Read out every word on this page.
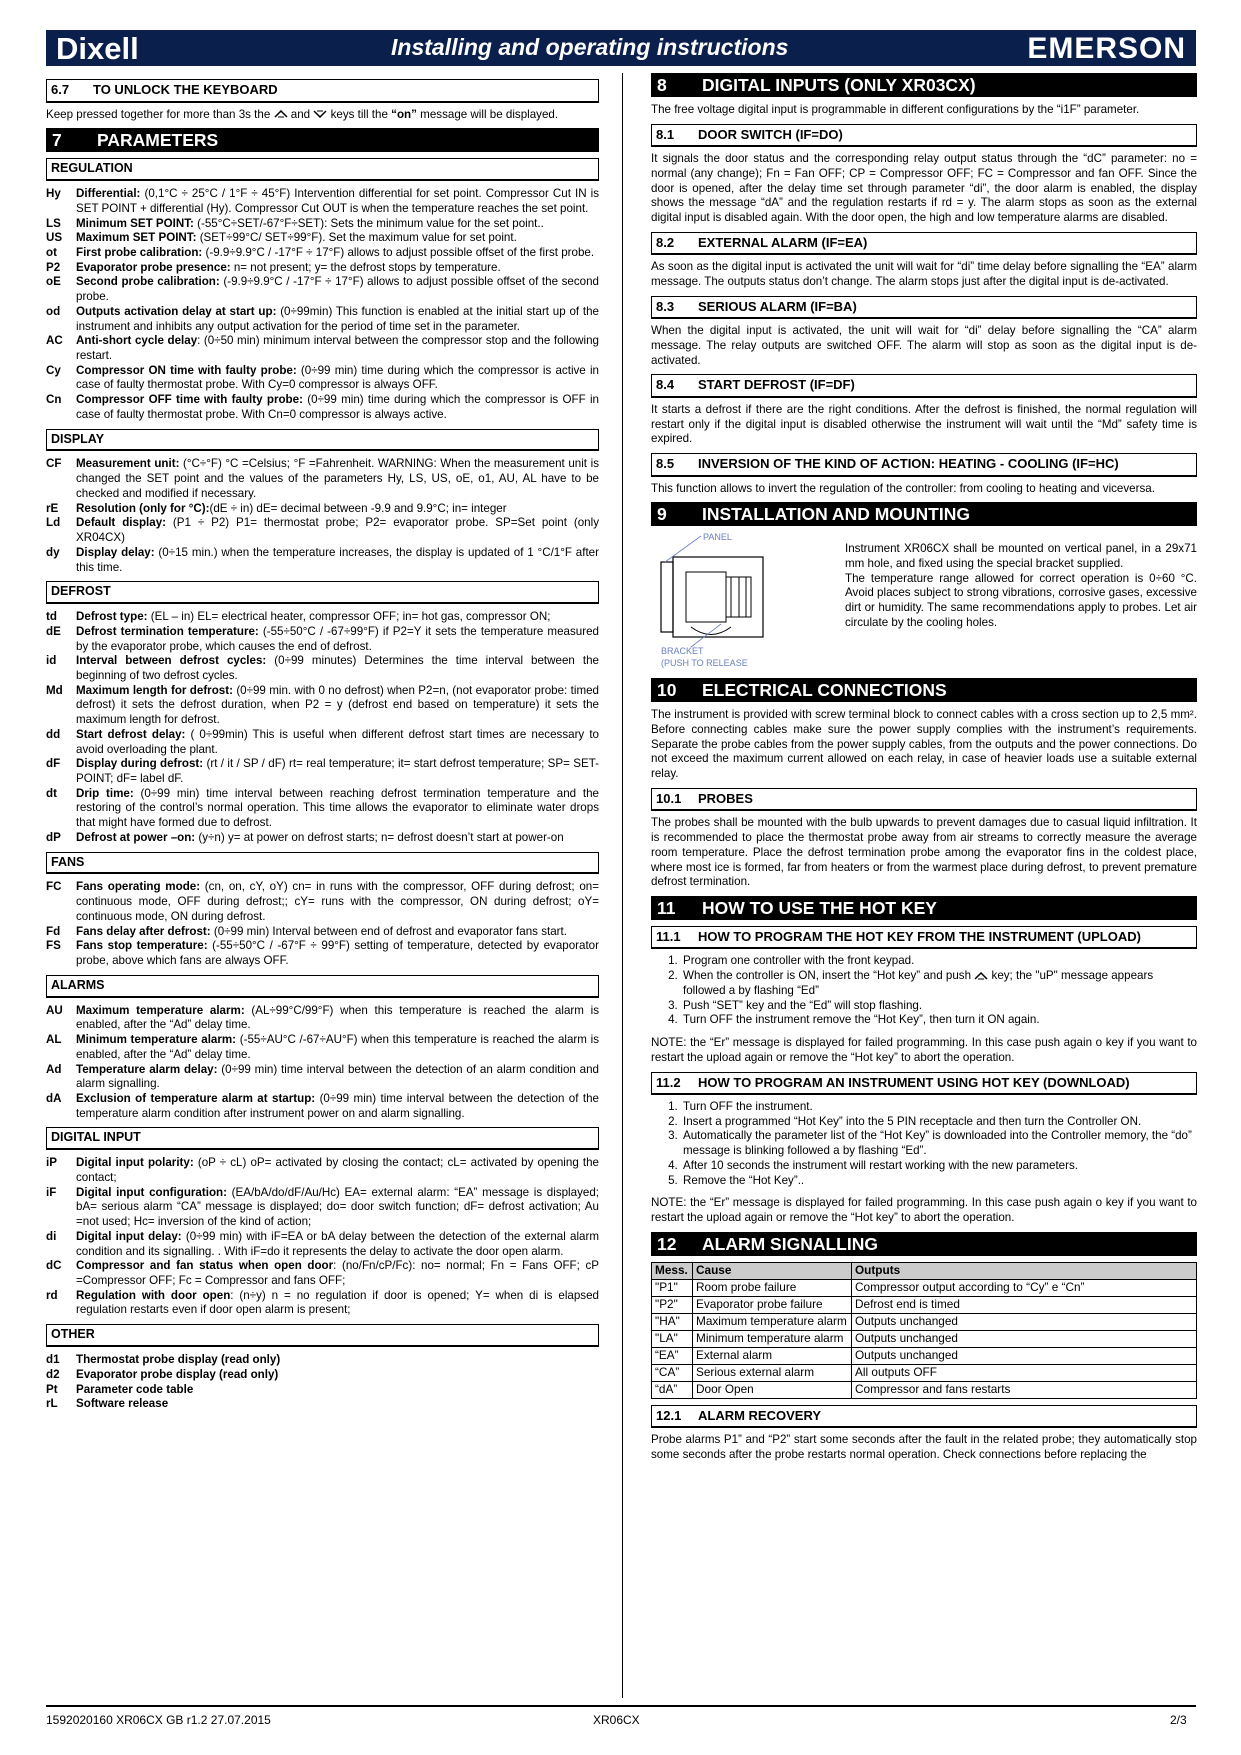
Dixell	Installing and operating instructions	EMERSON
6.7 TO UNLOCK THE KEYBOARD

Keep pressed together for more than 3s the and keys till the “on” message will be displayed.

7 PARAMETERS
REGULATION
Hy	Differential: (0,1°C ÷ 25°C / 1°F ÷ 45°F) Intervention differential for set point. Compressor Cut IN is SET POINT + differential (Hy). Compressor Cut OUT is when the temperature reaches the set point.
LS	Minimum SET POINT: (-55°C÷SET/-67°F÷SET): Sets the minimum value for the set point..
US	Maximum SET POINT: (SET÷99°C/ SET÷99°F). Set the maximum value for set point.
ot	First probe calibration: (-9.9÷9.9°C / -17°F ÷ 17°F) allows to adjust possible offset of the first probe.
P2	Evaporator probe presence: n= not present; y= the defrost stops by temperature.
oE	Second probe calibration: (-9.9÷9.9°C / -17°F ÷ 17°F) allows to adjust possible offset of the second probe.
od	Outputs activation delay at start up: (0÷99min) This function is enabled at the initial start up of the instrument and inhibits any output activation for the period of time set in the parameter.
AC	Anti-short cycle delay: (0÷50 min) minimum interval between the compressor stop and the following restart.
Cy	Compressor ON time with faulty probe: (0÷99 min) time during which the compressor is active in case of faulty thermostat probe. With Cy=0 compressor is always OFF.
Cn	Compressor OFF time with faulty probe: (0÷99 min) time during which the compressor is OFF in case of faulty thermostat probe. With Cn=0 compressor is always active.
DISPLAY
CF	Measurement unit: (°C÷°F) °C =Celsius; °F =Fahrenheit. WARNING: When the measurement unit is changed the SET point and the values of the parameters Hy, LS, US, oE, o1, AU, AL have to be checked and modified if necessary.
rE	Resolution (only for °C):(dE ÷ in) dE= decimal between -9.9 and 9.9°C; in= integer
Ld	Default display: (P1 ÷ P2) P1= thermostat probe; P2= evaporator probe. SP=Set point (only XR04CX)
dy	Display delay: (0÷15 min.) when the temperature increases, the display is updated of 1 °C/1°F after this time.
DEFROST
td	Defrost type: (EL – in) EL= electrical heater, compressor OFF; in= hot gas, compressor ON;
dE	Defrost termination temperature: (-55÷50°C / -67÷99°F) if P2=Y it sets the temperature measured by the evaporator probe, which causes the end of defrost.
id	Interval between defrost cycles: (0÷99 minutes) Determines the time interval between the beginning of two defrost cycles.
Md	Maximum length for defrost: (0÷99 min. with 0 no defrost) when P2=n, (not evaporator probe: timed defrost) it sets the defrost duration, when P2 = y (defrost end based on temperature) it sets the maximum length for defrost.
dd	Start defrost delay: ( 0÷99min) This is useful when different defrost start times are necessary to avoid overloading the plant.
dF	Display during defrost: (rt / it / SP / dF) rt= real temperature; it= start defrost temperature; SP= SET-POINT; dF= label dF.
dt	Drip time: (0÷99 min) time interval between reaching defrost termination temperature and the restoring of the control’s normal operation. This time allows the evaporator to eliminate water drops that might have formed due to defrost.
dP	Defrost at power –on: (y÷n) y= at power on defrost starts; n= defrost doesn’t start at power-on
FANS
FC	Fans operating mode: (cn, on, cY, oY) cn= in runs with the compressor, OFF during defrost; on= continuous mode, OFF during defrost;; cY= runs with the compressor, ON during defrost; oY= continuous mode, ON during defrost.
Fd	Fans delay after defrost: (0÷99 min) Interval between end of defrost and evaporator fans start.
FS	Fans stop temperature: (-55÷50°C / -67°F ÷ 99°F) setting of temperature, detected by evaporator probe, above which fans are always OFF.
ALARMS
AU	Maximum temperature alarm: (AL÷99°C/99°F) when this temperature is reached the alarm is enabled, after the “Ad” delay time.
AL	Minimum temperature alarm: (-55÷AU°C /-67÷AU°F) when this temperature is reached the alarm is enabled, after the “Ad” delay time.
Ad	Temperature alarm delay: (0÷99 min) time interval between the detection of an alarm condition and alarm signalling.
dA	Exclusion of temperature alarm at startup: (0÷99 min) time interval between the detection of the temperature alarm condition after instrument power on and alarm signalling.
DIGITAL INPUT
iP	Digital input polarity: (oP ÷ cL) oP= activated by closing the contact; cL= activated by opening the contact;
iF	Digital input configuration: (EA/bA/do/dF/Au/Hc) EA= external alarm: “EA” message is displayed; bA= serious alarm “CA” message is displayed; do= door switch function; dF= defrost activation; Au =not used; Hc= inversion of the kind of action;
di	Digital input delay: (0÷99 min) with iF=EA or bA delay between the detection of the external alarm condition and its signalling. . With iF=do it represents the delay to activate the door open alarm.
dC	Compressor and fan status when open door: (no/Fn/cP/Fc): no= normal; Fn = Fans OFF; cP =Compressor OFF; Fc = Compressor and fans OFF;
rd	Regulation with door open: (n÷y) n = no regulation if door is opened; Y= when di is elapsed regulation restarts even if door open alarm is present;
OTHER
d1	Thermostat probe display (read only)
d2	Evaporator probe display (read only)
Pt	Parameter code table
rL	Software release
8 DIGITAL INPUTS (ONLY XR03CX)

The free voltage digital input is programmable in different configurations by the “i1F” parameter.

8.1 DOOR SWITCH (IF=DO)

It signals the door status and the corresponding relay output status through the “dC” parameter: no = normal (any change); Fn = Fan OFF; CP = Compressor OFF; FC = Compressor and fan OFF. Since the door is opened, after the delay time set through parameter “di”, the door alarm is enabled, the display shows the message “dA” and the regulation restarts if rd = y. The alarm stops as soon as the external digital input is disabled again. With the door open, the high and low temperature alarms are disabled.

8.2 EXTERNAL ALARM (IF=EA)

As soon as the digital input is activated the unit will wait for “di” time delay before signalling the “EA” alarm message. The outputs status don’t change. The alarm stops just after the digital input is de-activated.

8.3 SERIOUS ALARM (IF=BA)

When the digital input is activated, the unit will wait for “di” delay before signalling the “CA” alarm message. The relay outputs are switched OFF. The alarm will stop as soon as the digital input is de-activated.

8.4 START DEFROST (IF=DF)

It starts a defrost if there are the right conditions. After the defrost is finished, the normal regulation will restart only if the digital input is disabled otherwise the instrument will wait until the “Md” safety time is expired.

8.5 INVERSION OF THE KIND OF ACTION: HEATING - COOLING (IF=HC)

This function allows to invert the regulation of the controller: from cooling to heating and viceversa.

9 INSTALLATION AND MOUNTING
PANEL
BRACKET
(PUSH TO RELEASE

Instrument XR06CX shall be mounted on vertical panel, in a 29x71 mm hole, and fixed using the special bracket supplied.

The temperature range allowed for correct operation is 0÷60 °C. Avoid places subject to strong vibrations, corrosive gases, excessive dirt or humidity. The same recommendations apply to probes. Let air circulate by the cooling holes.

10 ELECTRICAL CONNECTIONS

The instrument is provided with screw terminal block to connect cables with a cross section up to 2,5 mm². Before connecting cables make sure the power supply complies with the instrument’s requirements. Separate the probe cables from the power supply cables, from the outputs and the power connections. Do not exceed the maximum current allowed on each relay, in case of heavier loads use a suitable external relay.

10.1 PROBES

The probes shall be mounted with the bulb upwards to prevent damages due to casual liquid infiltration. It is recommended to place the thermostat probe away from air streams to correctly measure the average room temperature. Place the defrost termination probe among the evaporator fins in the coldest place, where most ice is formed, far from heaters or from the warmest place during defrost, to prevent premature defrost termination.

11 HOW TO USE THE HOT KEY
11.1 HOW TO PROGRAM THE HOT KEY FROM THE INSTRUMENT (UPLOAD)
1. Program one controller with the front keypad.
2. When the controller is ON, insert the “Hot key” and push key; the "uP" message appears followed a by flashing “Ed”
3. Push “SET” key and the “Ed” will stop flashing.
4. Turn OFF the instrument remove the “Hot Key”, then turn it ON again.

NOTE: the “Er” message is displayed for failed programming. In this case push again o key if you want to restart the upload again or remove the “Hot key” to abort the operation.

11.2 HOW TO PROGRAM AN INSTRUMENT USING HOT KEY (DOWNLOAD)
1. Turn OFF the instrument.
2. Insert a programmed “Hot Key” into the 5 PIN receptacle and then turn the Controller ON.
3. Automatically the parameter list of the “Hot Key” is downloaded into the Controller memory, the “do” message is blinking followed a by flashing “Ed”.
4. After 10 seconds the instrument will restart working with the new parameters.
5. Remove the “Hot Key”..

NOTE: the “Er” message is displayed for failed programming. In this case push again o key if you want to restart the upload again or remove the “Hot key” to abort the operation.

12 ALARM SIGNALLING
Mess.	Cause	Outputs
"P1"	Room probe failure	Compressor output according to “Cy” e “Cn”
"P2"	Evaporator probe failure	Defrost end is timed
"HA"	Maximum temperature alarm	Outputs unchanged
"LA"	Minimum temperature alarm	Outputs unchanged
“EA”	External alarm	Outputs unchanged
“CA”	Serious external alarm	All outputs OFF
“dA”	Door Open	Compressor and fans restarts
12.1 ALARM RECOVERY

Probe alarms P1” and “P2” start some seconds after the fault in the related probe; they automatically stop some seconds after the probe restarts normal operation. Check connections before replacing the

1592020160 XR06CX GB r1.2 27.07.2015	XR06CX	2/3
